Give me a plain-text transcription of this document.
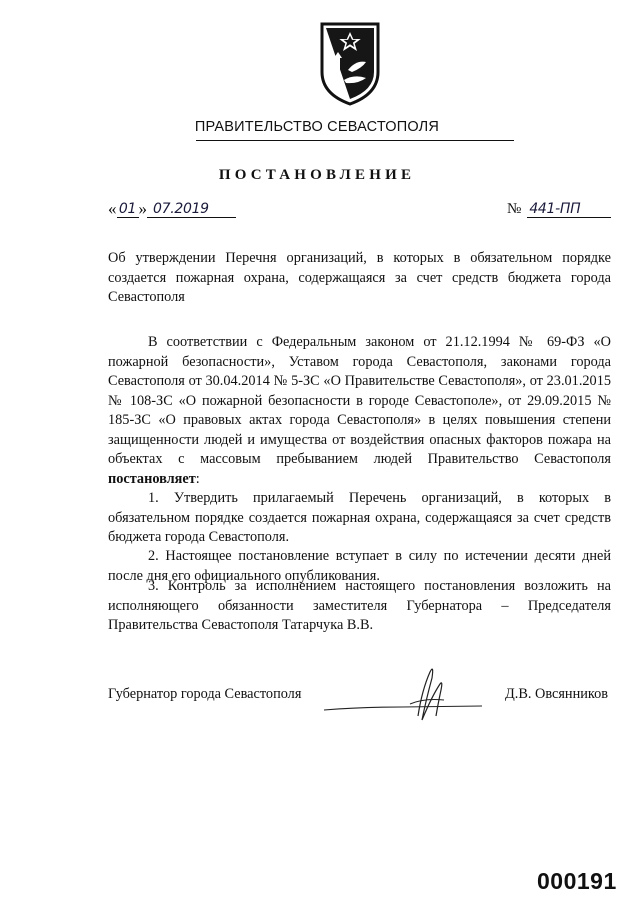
ПРАВИТЕЛЬСТВО СЕВАСТОПОЛЯ
ПОСТАНОВЛЕНИЕ
« 01 » 07.2019	№ 441-ПП
Об утверждении Перечня организаций, в которых в обязательном порядке создается пожарная охрана, содержащаяся за счет средств бюджета города Севастополя
В соответствии с Федеральным законом от 21.12.1994 № 69-ФЗ «О пожарной безопасности», Уставом города Севастополя, законами города Севастополя от 30.04.2014 № 5-ЗС «О Правительстве Севастополя», от 23.01.2015 № 108-ЗС «О пожарной безопасности в городе Севастополе», от 29.09.2015 № 185-ЗС «О правовых актах города Севастополя» в целях повышения степени защищенности людей и имущества от воздействия опасных факторов пожара на объектах с массовым пребыванием людей Правительство Севастополя постановляет:
1. Утвердить прилагаемый Перечень организаций, в которых в обязательном порядке создается пожарная охрана, содержащаяся за счет средств бюджета города Севастополя.
2. Настоящее постановление вступает в силу по истечении десяти дней после дня его официального опубликования.
3. Контроль за исполнением настоящего постановления возложить на исполняющего обязанности заместителя Губернатора – Председателя Правительства Севастополя Татарчука В.В.
Губернатор города Севастополя	Д.В. Овсянников
000191
